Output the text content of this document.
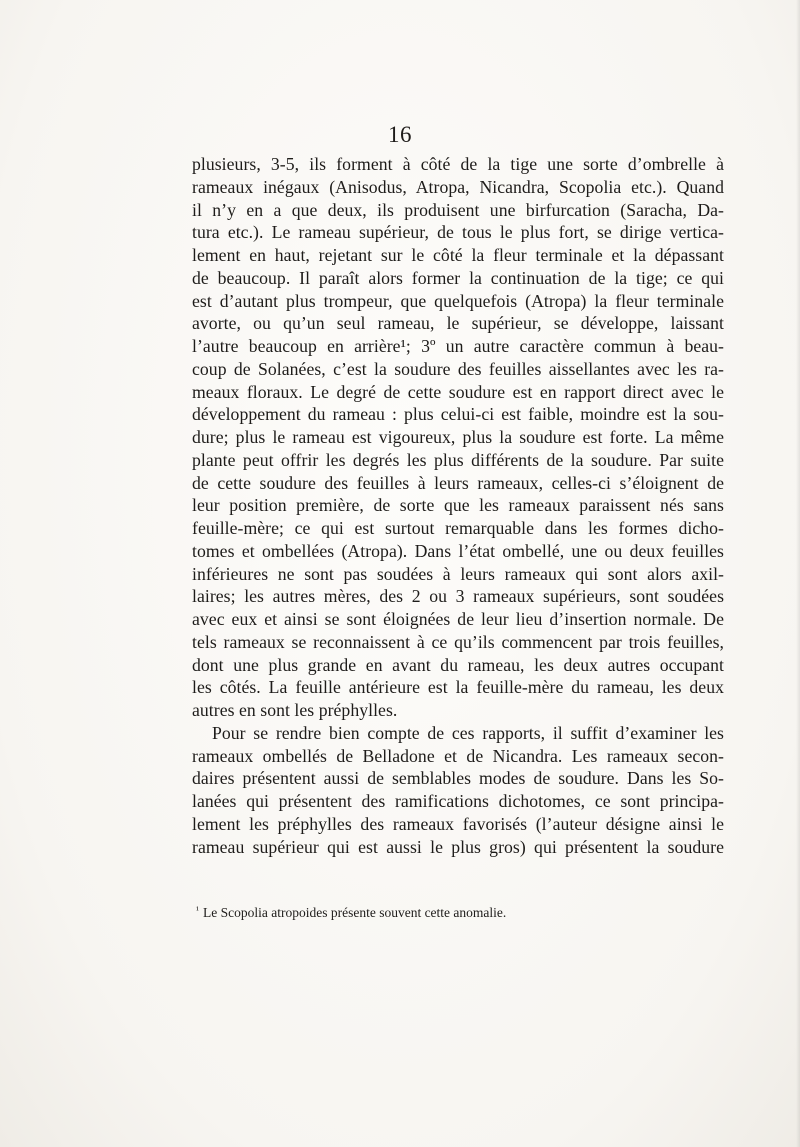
16
plusieurs, 3-5, ils forment à côté de la tige une sorte d’ombrelle à
rameaux inégaux (Anisodus, Atropa, Nicandra, Scopolia etc.). Quand
il n’y en a que deux, ils produisent une birfurcation (Saracha, Da-
tura etc.). Le rameau supérieur, de tous le plus fort, se dirige vertica-
lement en haut, rejetant sur le côté la fleur terminale et la dépassant
de beaucoup. Il paraît alors former la continuation de la tige; ce qui
est d’autant plus trompeur, que quelquefois (Atropa) la fleur terminale
avorte, ou qu’un seul rameau, le supérieur, se développe, laissant
l’autre beaucoup en arrière¹; 3º un autre caractère commun à beau-
coup de Solanées, c’est la soudure des feuilles aissellantes avec les ra-
meaux floraux. Le degré de cette soudure est en rapport direct avec le
développement du rameau : plus celui-ci est faible, moindre est la sou-
dure; plus le rameau est vigoureux, plus la soudure est forte. La même
plante peut offrir les degrés les plus différents de la soudure. Par suite
de cette soudure des feuilles à leurs rameaux, celles-ci s’éloignent de
leur position première, de sorte que les rameaux paraissent nés sans
feuille-mère; ce qui est surtout remarquable dans les formes dicho-
tomes et ombellées (Atropa). Dans l’état ombellé, une ou deux feuilles
inférieures ne sont pas soudées à leurs rameaux qui sont alors axil-
laires; les autres mères, des 2 ou 3 rameaux supérieurs, sont soudées
avec eux et ainsi se sont éloignées de leur lieu d’insertion normale. De
tels rameaux se reconnaissent à ce qu’ils commencent par trois feuilles,
dont une plus grande en avant du rameau, les deux autres occupant
les côtés. La feuille antérieure est la feuille-mère du rameau, les deux
autres en sont les préphylles.
Pour se rendre bien compte de ces rapports, il suffit d’examiner les
rameaux ombellés de Belladone et de Nicandra. Les rameaux secon-
daires présentent aussi de semblables modes de soudure. Dans les So-
lanées qui présentent des ramifications dichotomes, ce sont principa-
lement les préphylles des rameaux favorisés (l’auteur désigne ainsi le
rameau supérieur qui est aussi le plus gros) qui présentent la soudure
$^{^1}$ Le Scopolia atropoides présente souvent cette anomalie.
